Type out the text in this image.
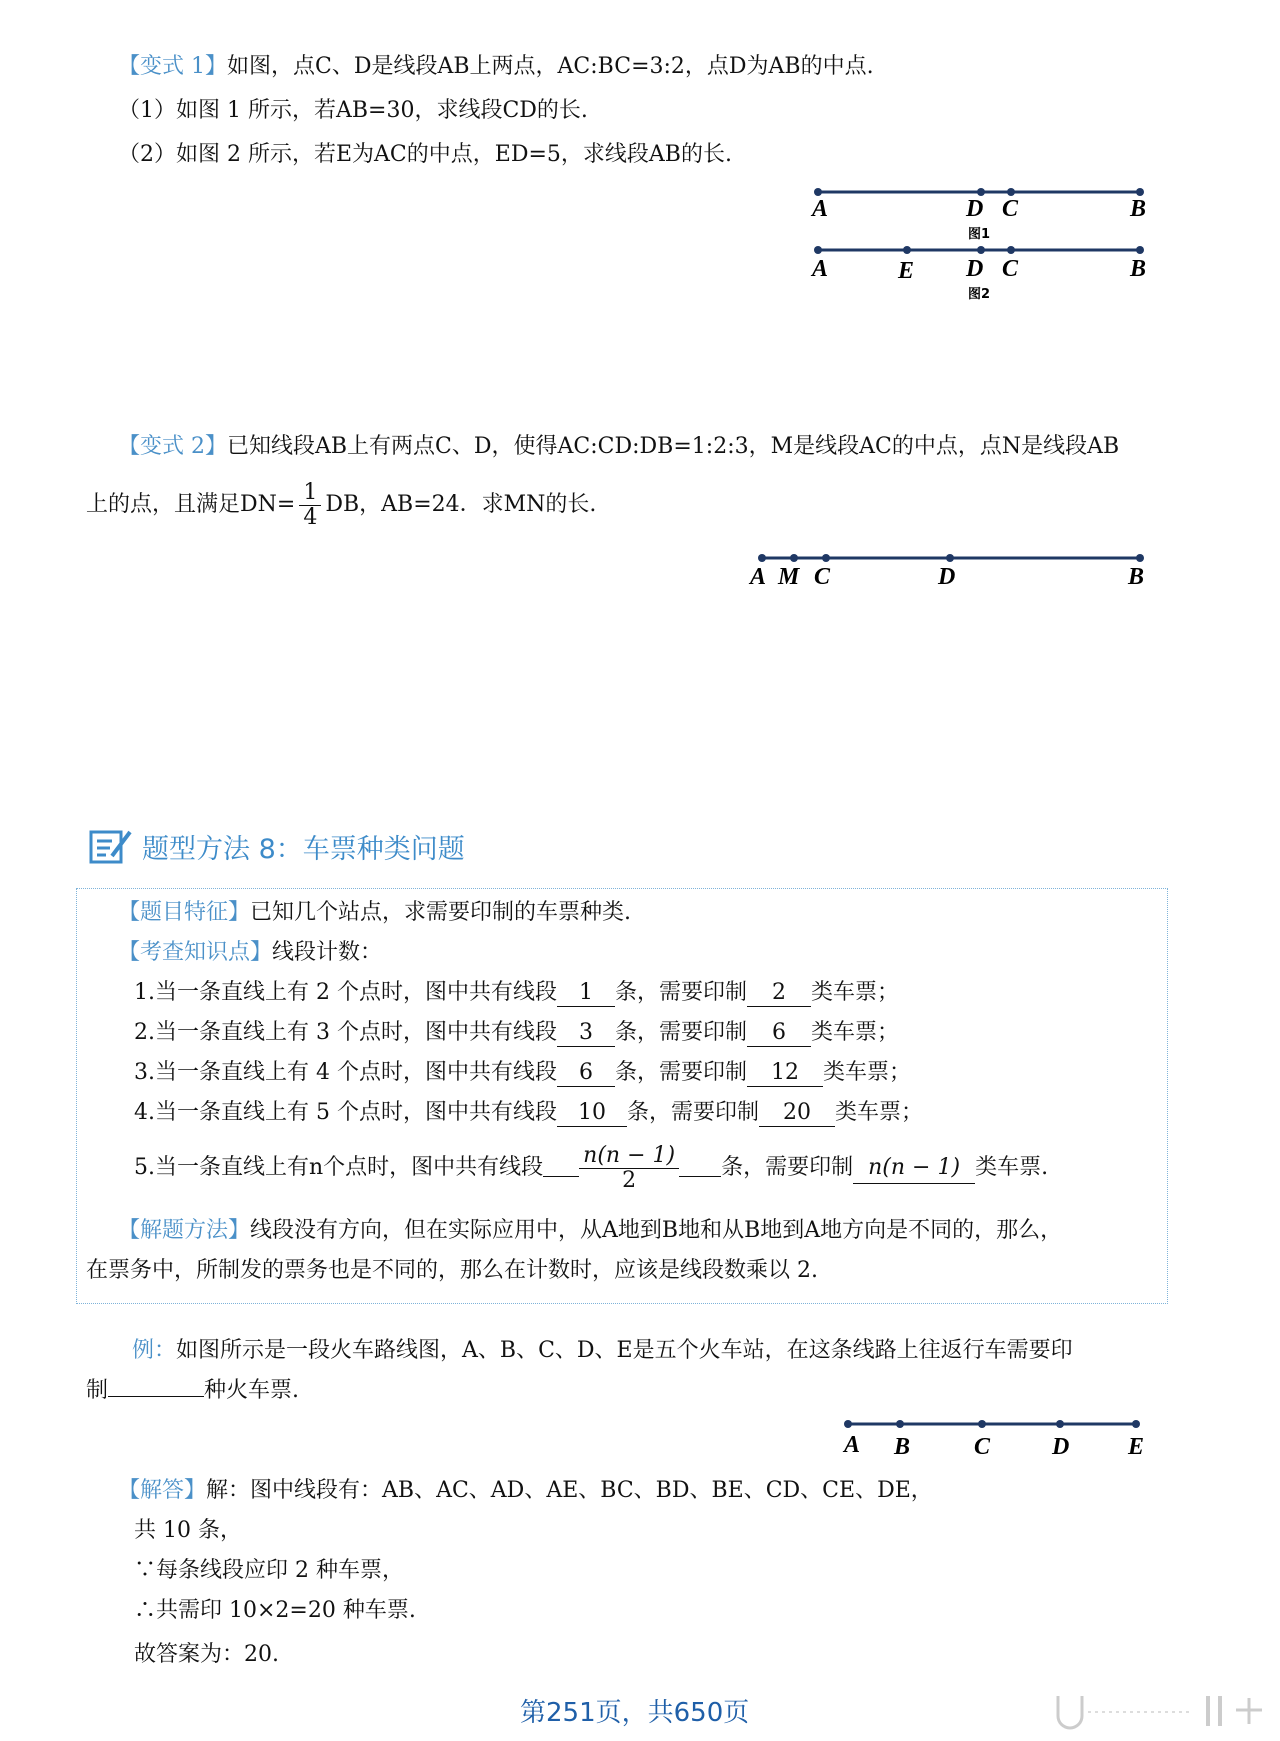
【变式 1】如图，点C、D是线段AB上两点，AC:BC=3:2，点D为AB的中点.
（1）如图 1 所示，若AB=30，求线段CD的长.
（2）如图 2 所示，若E为AC的中点，ED=5，求线段AB的长.
A	D C	B
图1
A	E D C	B
图2
【变式 2】已知线段AB上有两点C、D，使得AC:CD:DB=1:2:3，M是线段AC的中点，点N是线段AB
上的点，且满足$DN= \frac{1}{4}$ DB，AB=24．求MN的长.
A M C	D	B
题型方法 8：车票种类问题
【题目特征】已知几个站点，求需要印制的车票种类.
【考查知识点】线段计数：
1.当一条直线上有 2 个点时，图中共有线段 1 条，需要印制 2 类车票；
2.当一条直线上有 3 个点时，图中共有线段 3 条，需要印制 6 类车票；
3.当一条直线上有 4 个点时，图中共有线段 6 条，需要印制 12 类车票；
4.当一条直线上有 5 个点时，图中共有线段 10 条，需要印制 20 类车票；
5.当一条直线上有n个点时，图中共有线段 $\frac{n(n - 1)}{2}$ 条，需要印制 n(n − 1) 类车票.
【解题方法】线段没有方向，但在实际应用中，从A地到B地和从B地到A地方向是不同的，那么，
在票务中，所制发的票务也是不同的，那么在计数时，应该是线段数乘以 2.
例：如图所示是一段火车路线图，A、B、C、D、E是五个火车站，在这条线路上往返行车需要印
制	种火车票.
A B	C	D E
【解答】解：图中线段有：AB、AC、AD、AE、BC、BD、BE、CD、CE、DE，
共 10 条，
∵每条线段应印 2 种车票，
∴共需印 10×2=20 种车票.
故答案为：20.
第251页，共650页
